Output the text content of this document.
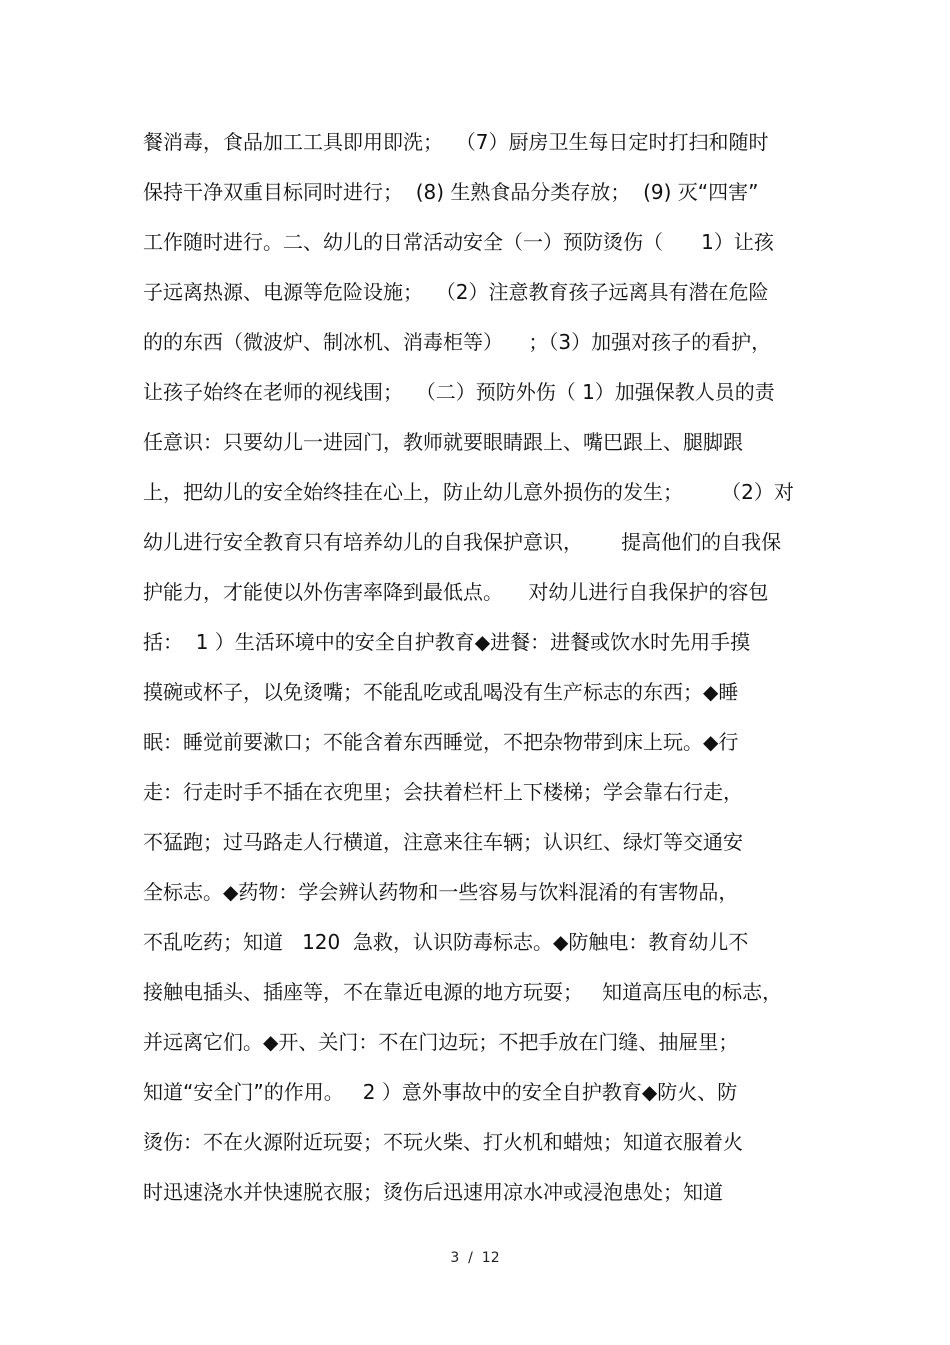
餐消毒，食品加工工具即用即洗；  （7）厨房卫生每日定时打扫和随时
保持干净双重目标同时进行；  (8) 生熟食品分类存放；  (9) 灭“四害”
工作随时进行。二、幼儿的日常活动安全（一）预防烫伤（      1）让孩
子远离热源、电源等危险设施；  （2）注意教育孩子远离具有潜在危险
的的东西（微波炉、制冰机、消毒柜等）    ；（3）加强对孩子的看护，
让孩子始终在老师的视线围；  （二）预防外伤（ 1）加强保教人员的责
任意识：只要幼儿一进园门，教师就要眼睛跟上、嘴巴跟上、腿脚跟
上，把幼儿的安全始终挂在心上，防止幼儿意外损伤的发生；      （2）对
幼儿进行安全教育只有培养幼儿的自我保护意识，      提高他们的自我保
护能力，才能使以外伤害率降到最低点。    对幼儿进行自我保护的容包
括：  1 ）生活环境中的安全自护教育◆进餐：进餐或饮水时先用手摸
摸碗或杯子，以免烫嘴；不能乱吃或乱喝没有生产标志的东西；◆睡
眠：睡觉前要漱口；不能含着东西睡觉，不把杂物带到床上玩。◆行
走：行走时手不插在衣兜里；会扶着栏杆上下楼梯；学会靠右行走，
不猛跑；过马路走人行横道，注意来往车辆；认识红、绿灯等交通安
全标志。◆药物：学会辨认药物和一些容易与饮料混淆的有害物品，
不乱吃药；知道   120  急救，认识防毒标志。◆防触电：教育幼儿不
接触电插头、插座等，不在靠近电源的地方玩耍；   知道高压电的标志，
并远离它们。◆开、关门：不在门边玩；不把手放在门缝、抽屉里；
知道“安全门”的作用。   2 ）意外事故中的安全自护教育◆防火、防
烫伤：不在火源附近玩耍；不玩火柴、打火机和蜡烛；知道衣服着火
时迅速浇水并快速脱衣服；烫伤后迅速用凉水冲或浸泡患处；知道
3  /  12
